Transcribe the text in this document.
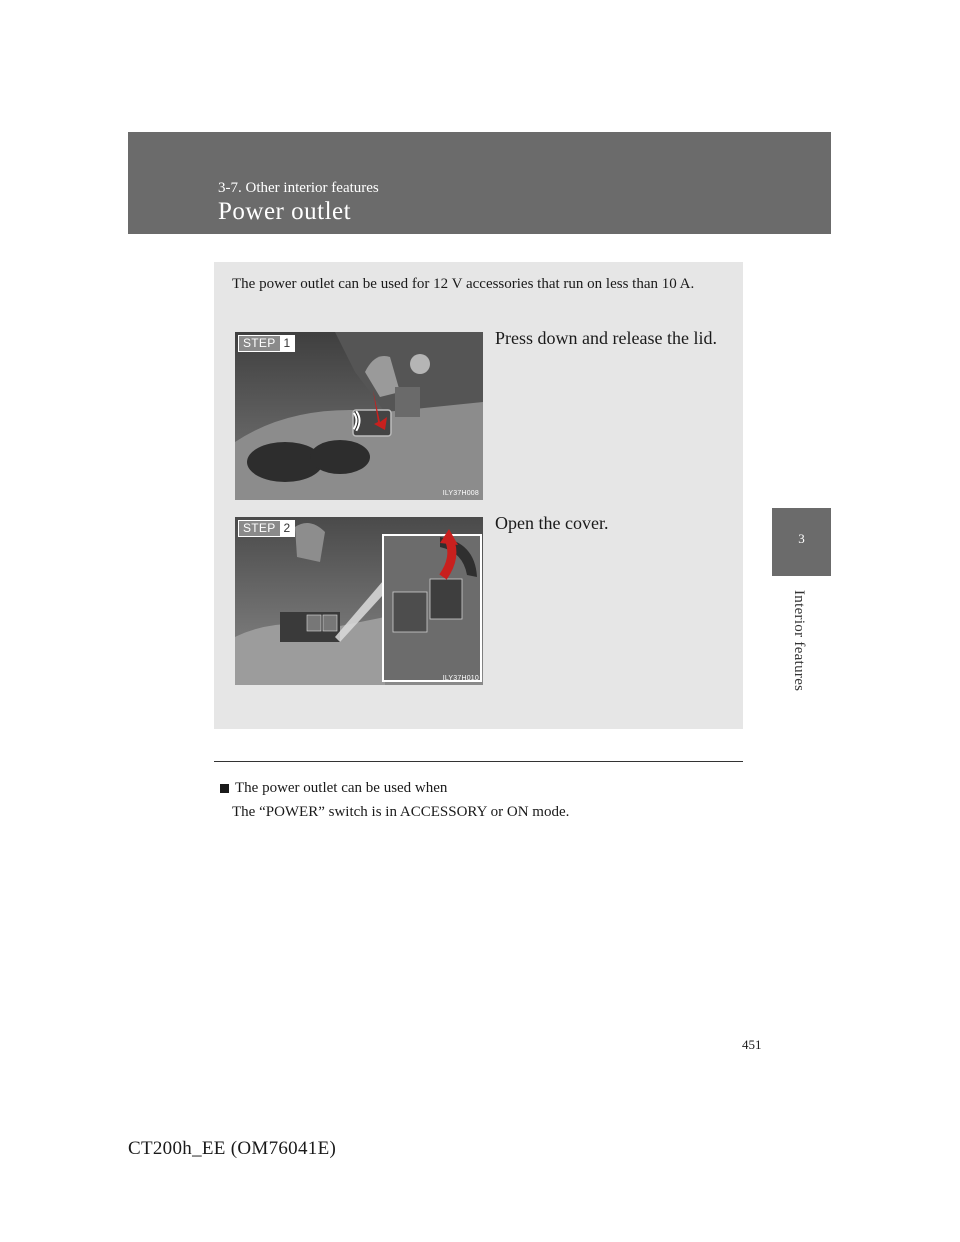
3-7. Other interior features
Power outlet
3
Interior features
The power outlet can be used for 12 V accessories that run on less than 10 A.
STEP 1
ILY37H008
Press down and release the lid.
STEP 2
ILY37H010
Open the cover.
The power outlet can be used when
The “POWER” switch is in ACCESSORY or ON mode.
451
CT200h_EE (OM76041E)
